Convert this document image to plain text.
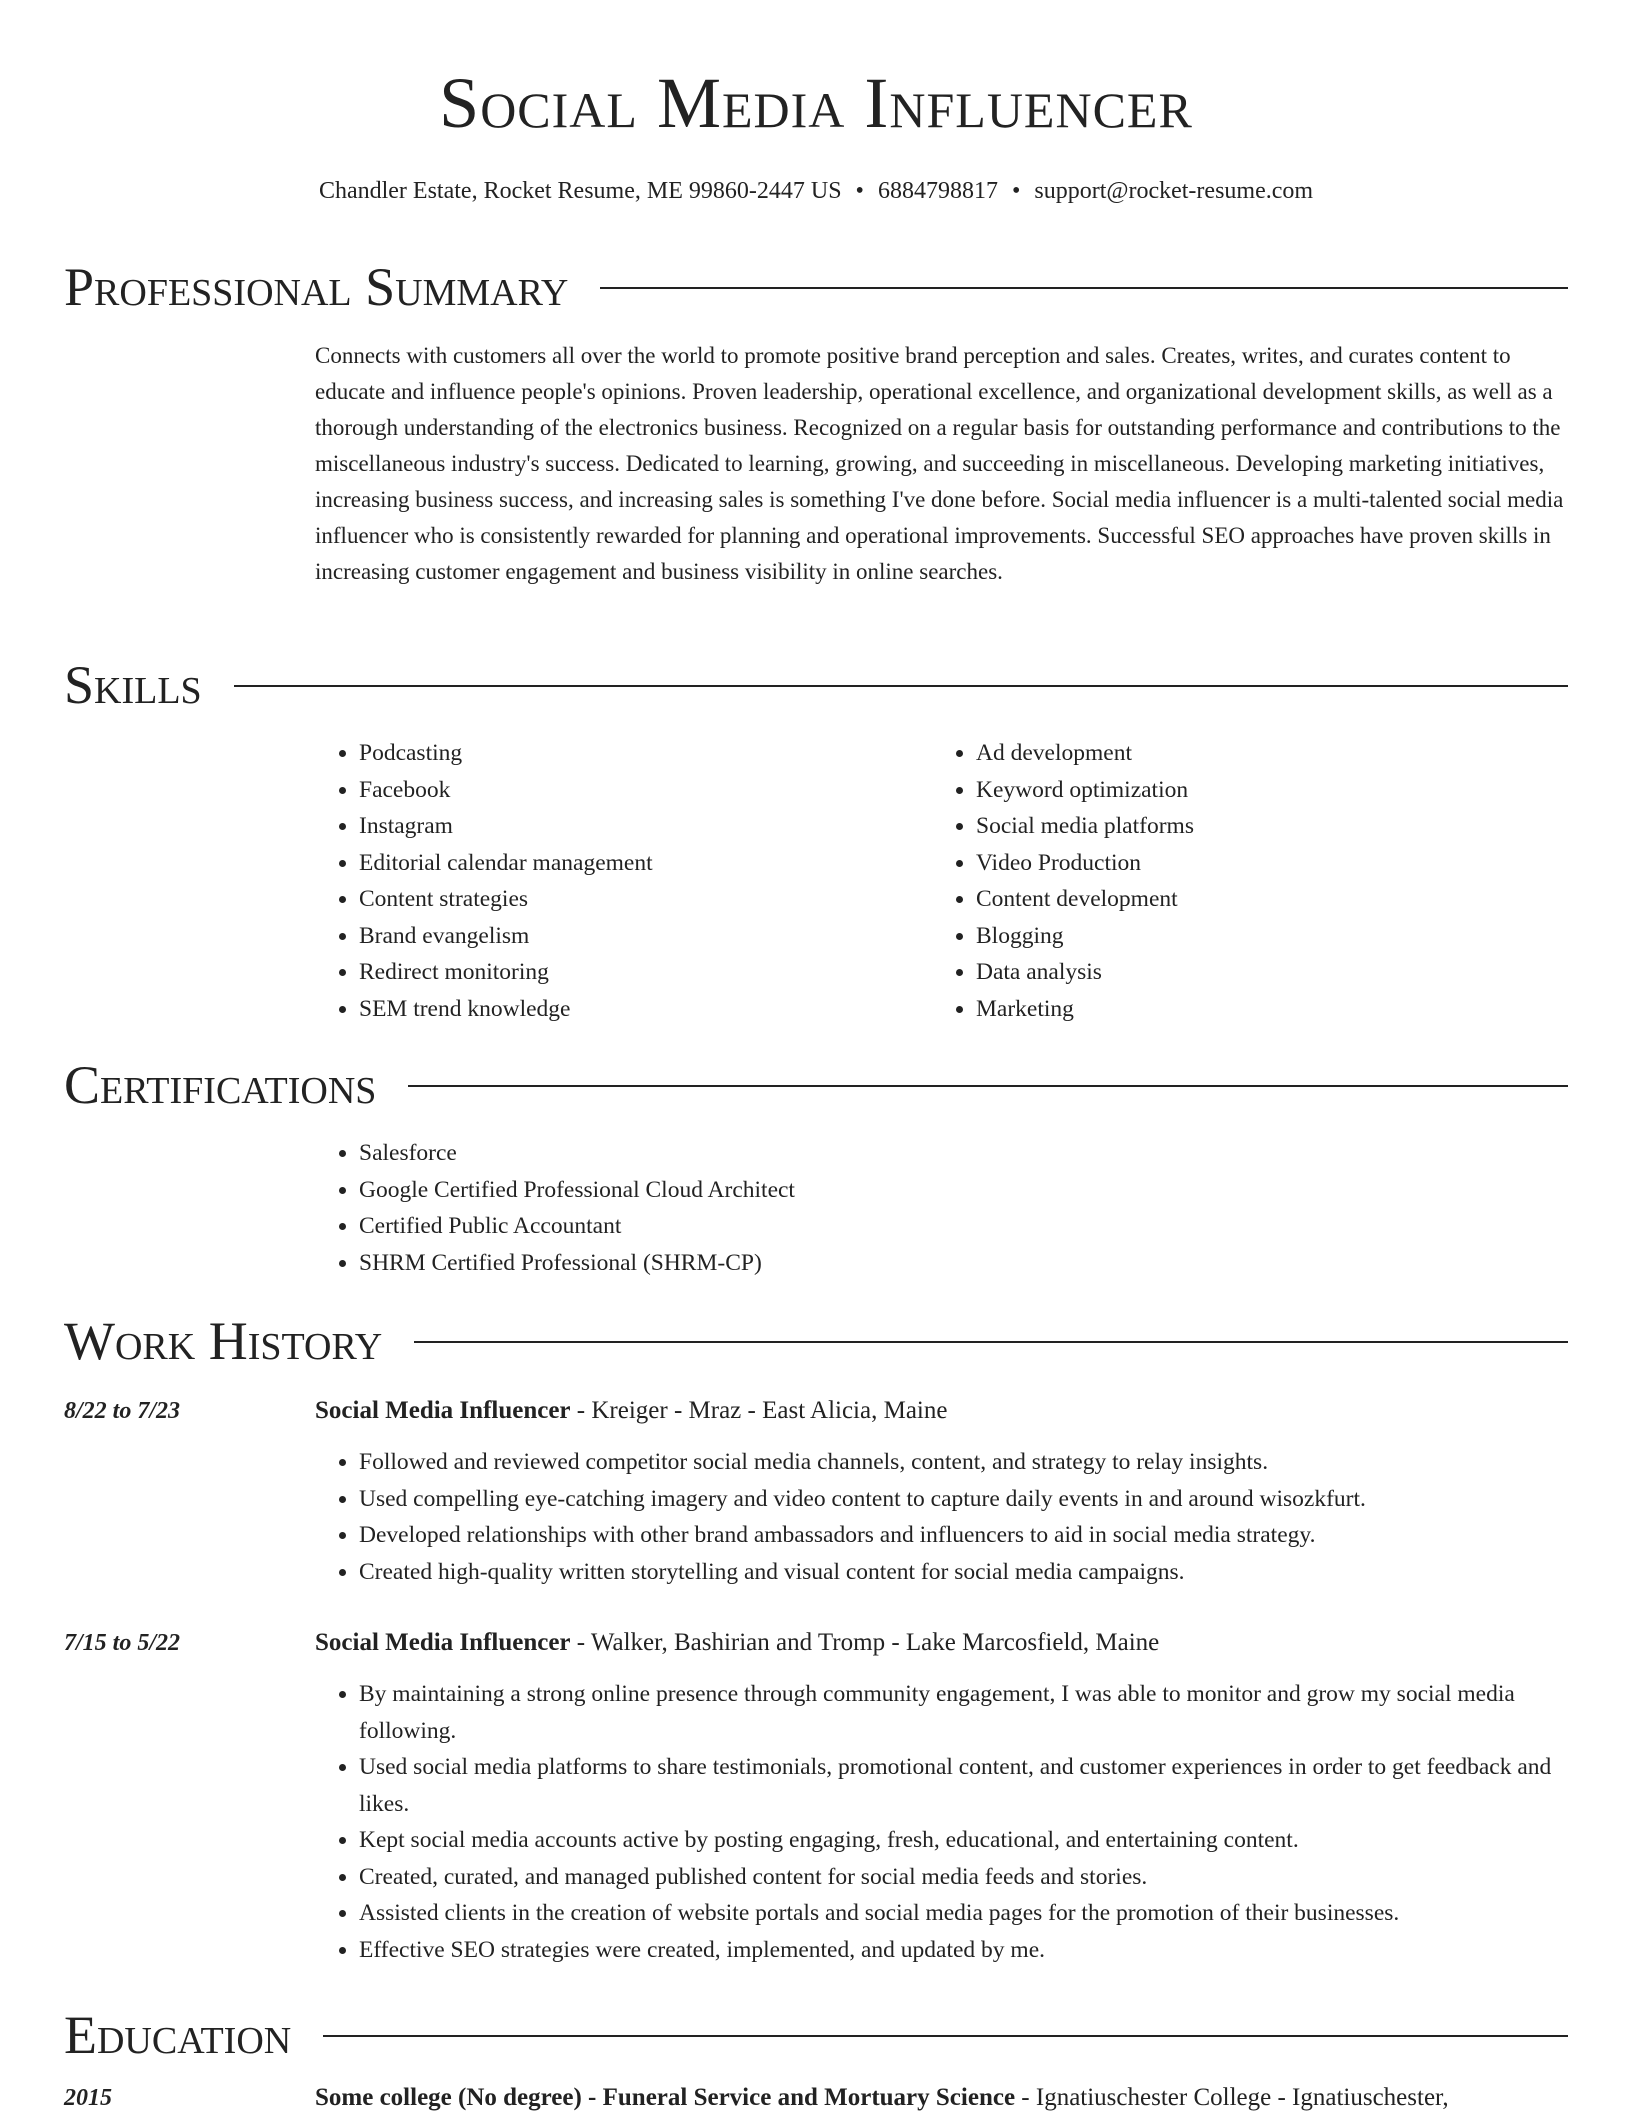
Social Media Influencer
Chandler Estate, Rocket Resume, ME 99860-2447 US • 6884798817 • support@rocket-resume.com
Professional Summary

Connects with customers all over the world to promote positive brand perception and sales. Creates, writes, and curates content to educate and influence people's opinions. Proven leadership, operational excellence, and organizational development skills, as well as a thorough understanding of the electronics business. Recognized on a regular basis for outstanding performance and contributions to the miscellaneous industry's success. Dedicated to learning, growing, and succeeding in miscellaneous. Developing marketing initiatives, increasing business success, and increasing sales is something I've done before. Social media influencer is a multi-talented social media influencer who is consistently rewarded for planning and operational improvements. Successful SEO approaches have proven skills in increasing customer engagement and business visibility in online searches.

Skills
• Podcasting
• Facebook
• Instagram
• Editorial calendar management
• Content strategies
• Brand evangelism
• Redirect monitoring
• SEM trend knowledge
• Ad development
• Keyword optimization
• Social media platforms
• Video Production
• Content development
• Blogging
• Data analysis
• Marketing
Certifications
• Salesforce
• Google Certified Professional Cloud Architect
• Certified Public Accountant
• SHRM Certified Professional (SHRM-CP)
Work History
8/22 to 7/23	Social Media Influencer - Kreiger - Mraz - East Alicia, Maine
• Followed and reviewed competitor social media channels, content, and strategy to relay insights.
• Used compelling eye-catching imagery and video content to capture daily events in and around wisozkfurt.
• Developed relationships with other brand ambassadors and influencers to aid in social media strategy.
• Created high-quality written storytelling and visual content for social media campaigns.
7/15 to 5/22	Social Media Influencer - Walker, Bashirian and Tromp - Lake Marcosfield, Maine
• By maintaining a strong online presence through community engagement, I was able to monitor and grow my social media following.
• Used social media platforms to share testimonials, promotional content, and customer experiences in order to get feedback and likes.
• Kept social media accounts active by posting engaging, fresh, educational, and entertaining content.
• Created, curated, and managed published content for social media feeds and stories.
• Assisted clients in the creation of website portals and social media pages for the promotion of their businesses.
• Effective SEO strategies were created, implemented, and updated by me.
Education
2015	Some college (No degree) - Funeral Service and Mortuary Science - Ignatiuschester College - Ignatiuschester,
